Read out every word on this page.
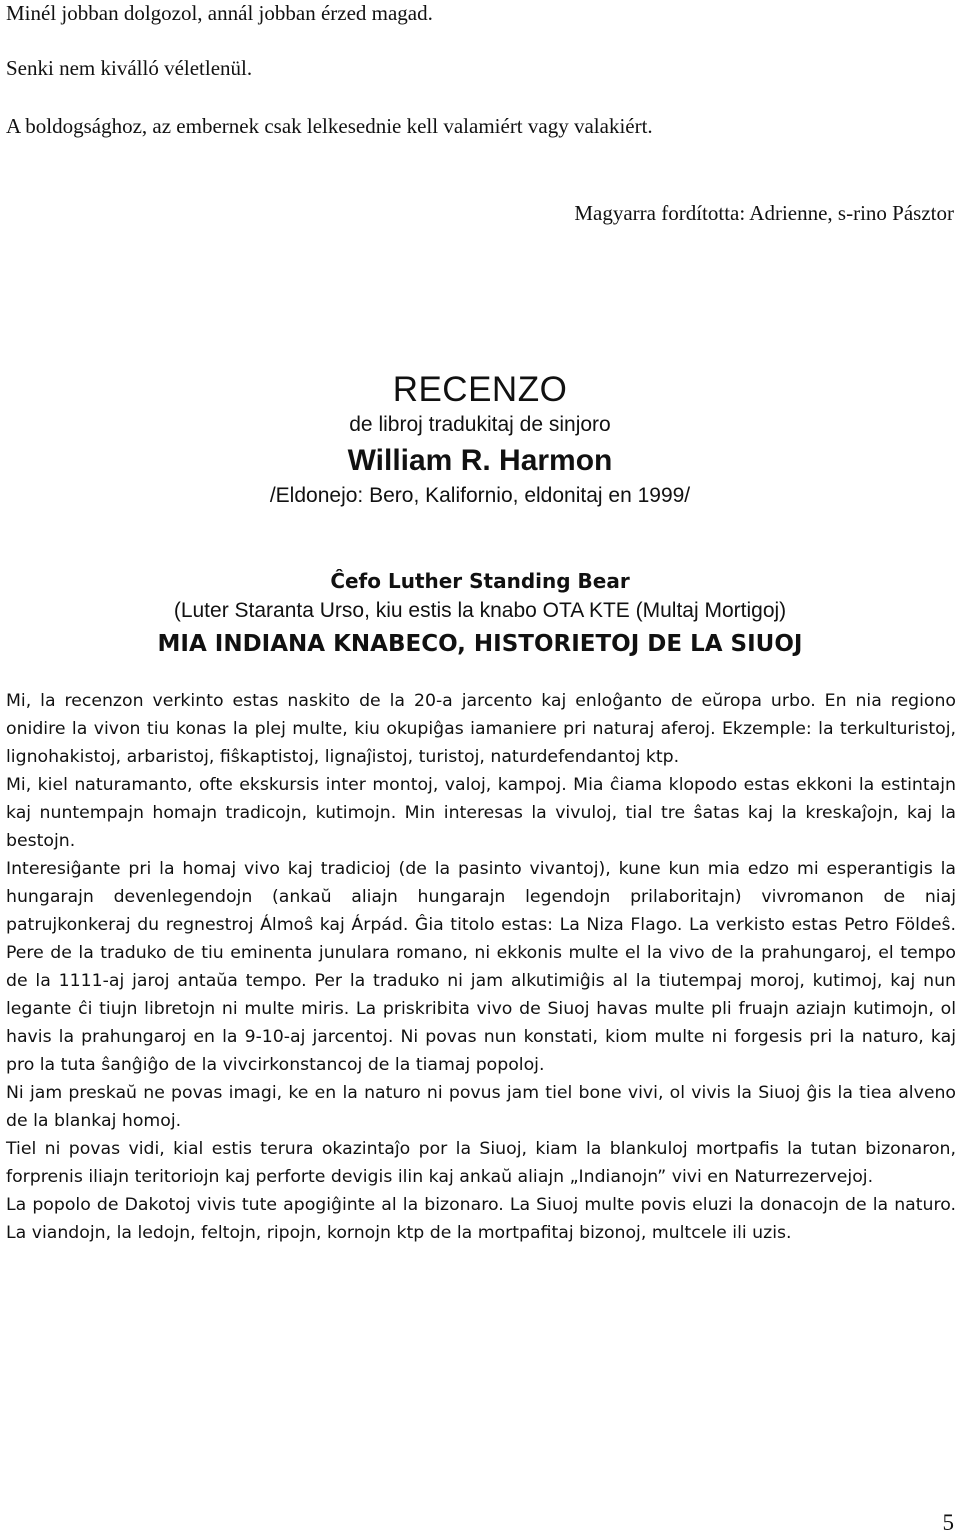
Minél jobban dolgozol, annál jobban érzed magad.
Senki nem kiválló véletlenül.
A boldogsághoz, az embernek csak lelkesednie kell valamiért vagy valakiért.
Magyarra fordította: Adrienne, s-rino Pásztor
RECENZO
de libroj tradukitaj de sinjoro
William R. Harmon
/Eldonejo: Bero, Kalifornio, eldonitaj en 1999/
Ĉefo Luther Standing Bear
(Luter Staranta Urso, kiu estis la knabo OTA KTE (Multaj Mortigoj)
MIA INDIANA KNABECO, HISTORIETOJ DE LA SIUOJ

Mi, la recenzon verkinto estas naskito de la 20-a jarcento kaj enloĝanto de eŭropa urbo. En nia regiono onidire la vivon tiu konas la plej multe, kiu okupiĝas iamaniere pri naturaj aferoj. Ekzemple: la terkulturistoj, lignohakistoj, arbaristoj, fiŝkaptistoj, lignaĵistoj, turistoj, naturdefendantoj ktp.

Mi, kiel naturamanto, ofte ekskursis inter montoj, valoj, kampoj. Mia ĉiama klopodo estas ekkoni la estintajn kaj nuntempajn homajn tradicojn, kutimojn. Min interesas la vivuloj, tial tre ŝatas kaj la kreskaĵojn, kaj la bestojn.

Interesiĝante pri la homaj vivo kaj tradicioj (de la pasinto vivantoj), kune kun mia edzo mi esperantigis la hungarajn devenlegendojn (ankaŭ aliajn hungarajn legendojn prilaboritajn) vivromanon de niaj patrujkonkeraj du regnestroj Álmoŝ kaj Árpád. Ĝia titolo estas: La Niza Flago. La verkisto estas Petro Földeŝ. Pere de la traduko de tiu eminenta junulara romano, ni ekkonis multe el la vivo de la prahungaroj, el tempo de la 1111-aj jaroj antaŭa tempo. Per la traduko ni jam alkutimiĝis al la tiutempaj moroj, kutimoj, kaj nun legante ĉi tiujn libretojn ni multe miris. La priskribita vivo de Siuoj havas multe pli fruajn aziajn kutimojn, ol havis la prahungaroj en la 9-10-aj jarcentoj. Ni povas nun konstati, kiom multe ni forgesis pri la naturo, kaj pro la tuta ŝanĝiĝo de la vivcirkonstancoj de la tiamaj popoloj.

Ni jam preskaŭ ne povas imagi, ke en la naturo ni povus jam tiel bone vivi, ol vivis la Siuoj ĝis la tiea alveno de la blankaj homoj.

Tiel ni povas vidi, kial estis terura okazintaĵo por la Siuoj, kiam la blankuloj mortpafis la tutan bizonaron, forprenis iliajn teritoriojn kaj perforte devigis ilin kaj ankaŭ aliajn „Indianojn” vivi en Naturrezervejoj.

La popolo de Dakotoj vivis tute apogiĝinte al la bizonaro. La Siuoj multe povis eluzi la donacojn de la naturo. La viandojn, la ledojn, feltojn, ripojn, kornojn ktp de la mortpafitaj bizonoj, multcele ili uzis.

5
